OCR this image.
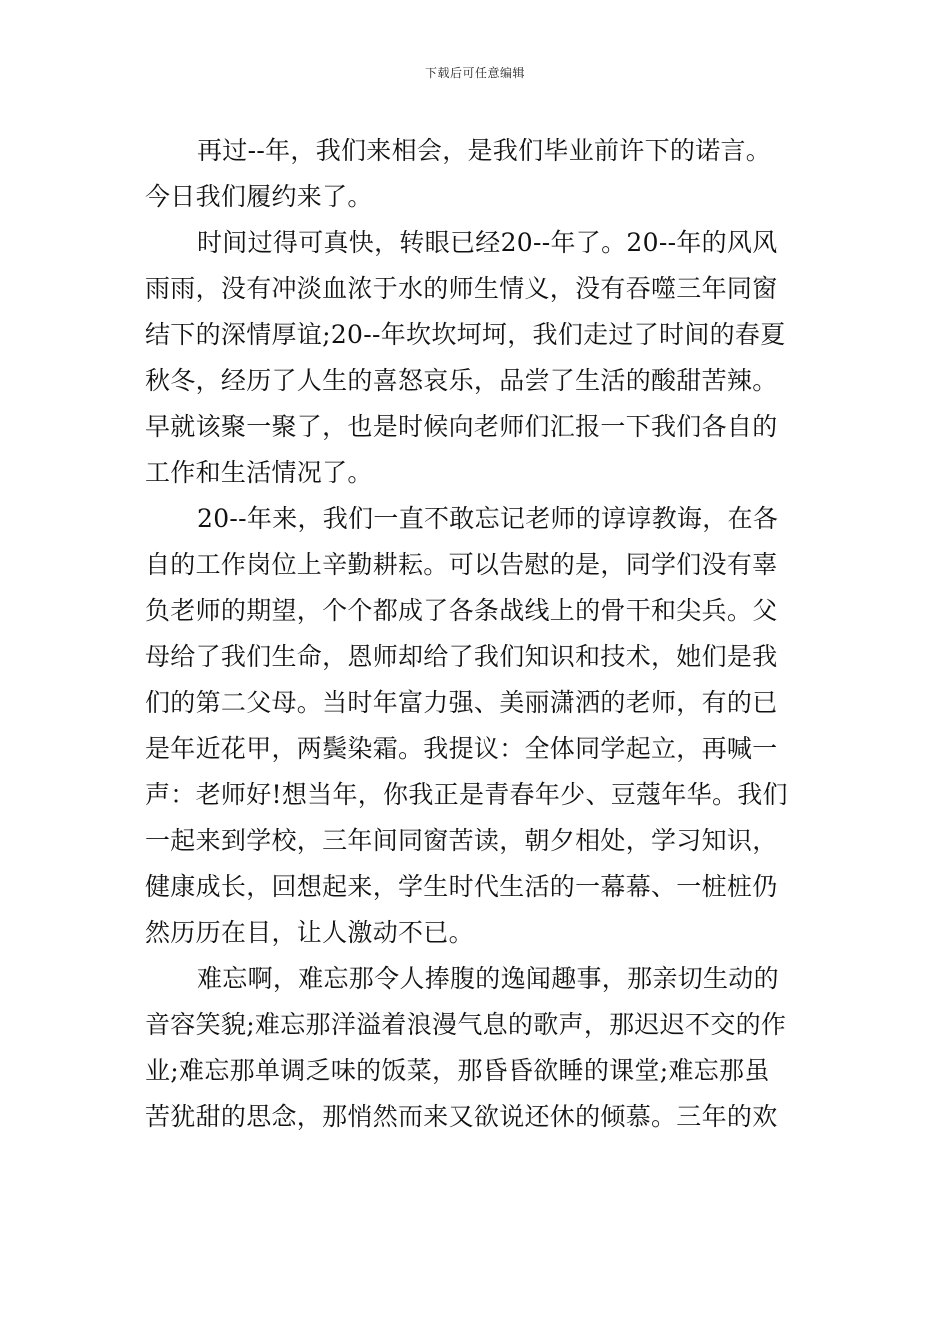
下载后可任意编辑
再过--年，我们来相会，是我们毕业前许下的诺言。
今日我们履约来了。
时间过得可真快，转眼已经20--年了。20--年的风风
雨雨，没有冲淡血浓于水的师生情义，没有吞噬三年同窗
结下的深情厚谊;20--年坎坎坷坷，我们走过了时间的春夏
秋冬，经历了人生的喜怒哀乐，品尝了生活的酸甜苦辣。
早就该聚一聚了，也是时候向老师们汇报一下我们各自的
工作和生活情况了。
20--年来，我们一直不敢忘记老师的谆谆教诲，在各
自的工作岗位上辛勤耕耘。可以告慰的是，同学们没有辜
负老师的期望，个个都成了各条战线上的骨干和尖兵。父
母给了我们生命，恩师却给了我们知识和技术，她们是我
们的第二父母。当时年富力强、美丽潇洒的老师，有的已
是年近花甲，两鬓染霜。我提议：全体同学起立，再喊一
声：老师好!想当年，你我正是青春年少、豆蔻年华。我们
一起来到学校，三年间同窗苦读，朝夕相处，学习知识，
健康成长，回想起来，学生时代生活的一幕幕、一桩桩仍
然历历在目，让人激动不已。
难忘啊，难忘那令人捧腹的逸闻趣事，那亲切生动的
音容笑貌;难忘那洋溢着浪漫气息的歌声，那迟迟不交的作
业;难忘那单调乏味的饭菜，那昏昏欲睡的课堂;难忘那虽
苦犹甜的思念，那悄然而来又欲说还休的倾慕。三年的欢
